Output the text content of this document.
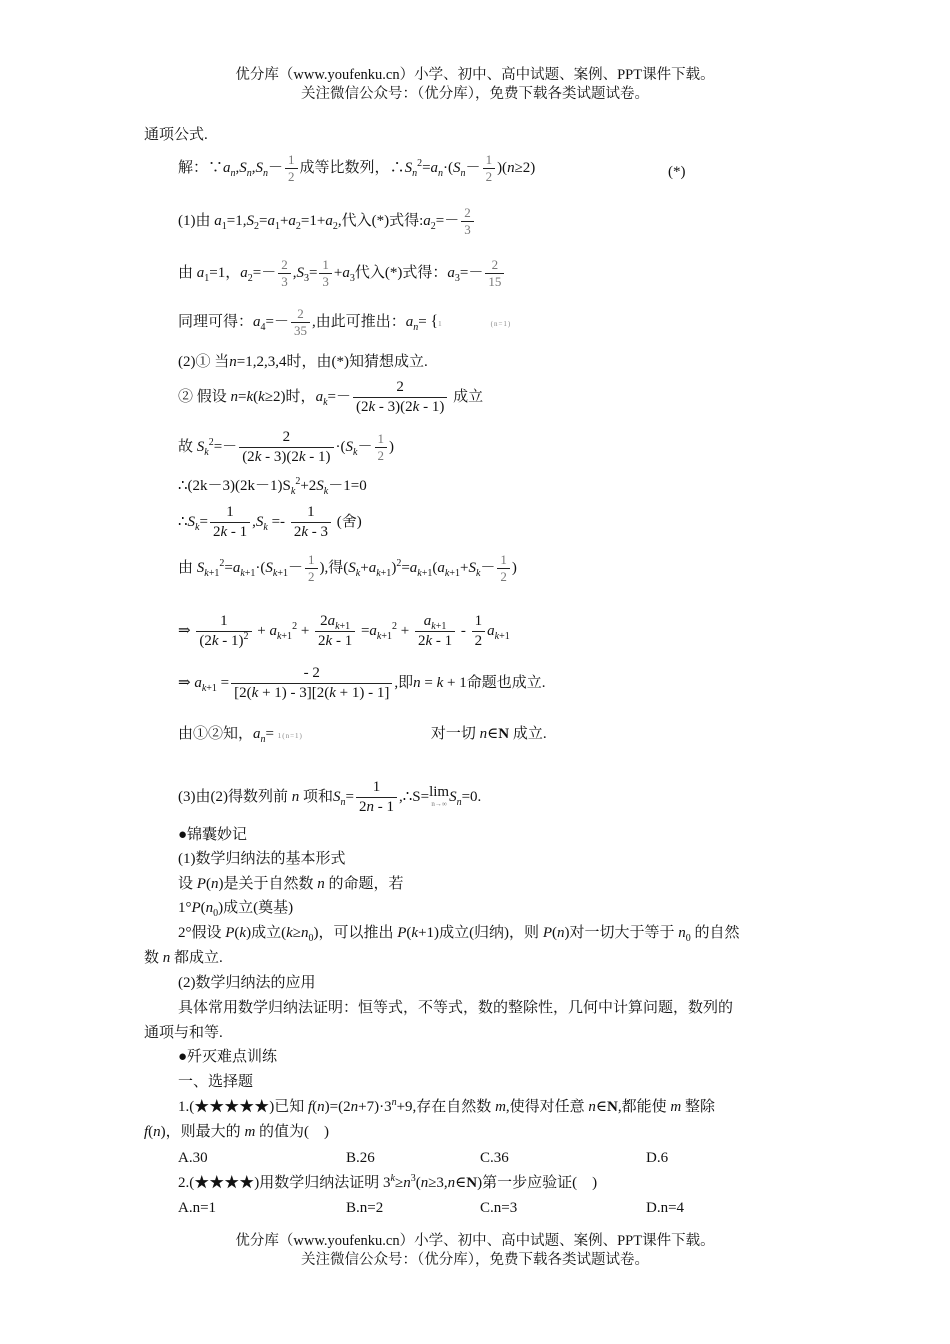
优分库（www.youfenku.cn）小学、初中、高中试题、案例、PPT课件下载。
关注微信公众号：（优分库），免费下载各类试题试卷。
通项公式.
解：$\because a_n,S_n,S_n- \frac{1}{2}$ 成等比数列，$\therefore S_n^2=a_n\cdot(S_n- \frac{1}{2} )(n\ge 2)$	(*)
(1)由 $a_1=1,S_2=a_1+a_2=1+a_2$,代入(*)式得$:a_2=- \frac{2}{3}$
由 $a_1=1$，$a_2=- \frac{2}{3} ,S_3= \frac{1}{3} +a_3$代入(*)式得：$a_3=- \frac{2}{15}$
同理可得：$a_4=- \frac{2}{35}$ ,由此可推出：$a_n= \{1$　　　　　　(n=1)
(2)① 当n=1,2,3,4时，由(*)知猜想成立.
② 假设 n=k(k≥2)时，$a_k=- \frac{2}{(2k - 3)(2k - 1)}$ 成立
故 $S_k^2=- \frac{2}{(2k - 3)(2k - 1)} \cdot(S_k- \frac{1}{2}$ )
$\therefore(2k-3)(2k-1)S_k^2+2S_k-1=0$
$\therefore S_k= \frac{1}{2k - 1} ,S_k =- \frac{1}{2k - 3}$ (舍)
由 $S_{k+1}^2=a_{k+1}\cdot(S_{k+1}- \frac{1}{2}$ ),得$(S_k+a_{k+1})^2=a_{k+1}(a_{k+1}+S_k- \frac{1}{2}$ )
⇒ $\frac{1}{(2k - 1)^2} + a_{k+1}^2 + \frac{2a_{k+1}}{2k - 1} =a_{k+1}^2 + \frac{a_{k+1}}{2k - 1} - \frac{1}{2} a_{k+1}$
⇒ $a_{k+1} = \frac{- 2}{[2(k + 1) - 3][2(k + 1) - 1]}$ ,即n = k + 1命题也成立.
由①②知，$a_n= 1(n=1)$	对一切 n∈N 成立.
(3)由(2)得数列前 n 项和$S_n= \frac{1}{2n - 1}$ ,∴S= lim
n→∞ $S_n=0$.
●锦囊妙记
(1)数学归纳法的基本形式
设 P(n)是关于自然数 n 的命题，若
$1^\circ P(n_0)$成立(奠基)
2°假设 P(k)成立$(k\ge n_0)$，可以推出 P(k+1)成立(归纳)，则 P(n)对一切大于等于 $n_0$ 的自然
数 n 都成立.
(2)数学归纳法的应用
具体常用数学归纳法证明：恒等式，不等式，数的整除性，几何中计算问题，数列的
通项与和等.
●歼灭难点训练
一、选择题
1.(★★★★★)已知 $f(n)=(2n+7)\cdot 3^n+9$,存在自然数 m,使得对任意 n∈N,都能使 m 整除
f(n)，则最大的 m 的值为(　)
A.30	B.26	C.36	D.6
2.(★★★★)用数学归纳法证明 $3^k\ge n^3(n\ge 3,n\in N)$第一步应验证(　)
A.n=1	B.n=2	C.n=3	D.n=4
优分库（www.youfenku.cn）小学、初中、高中试题、案例、PPT课件下载。
关注微信公众号：（优分库），免费下载各类试题试卷。
